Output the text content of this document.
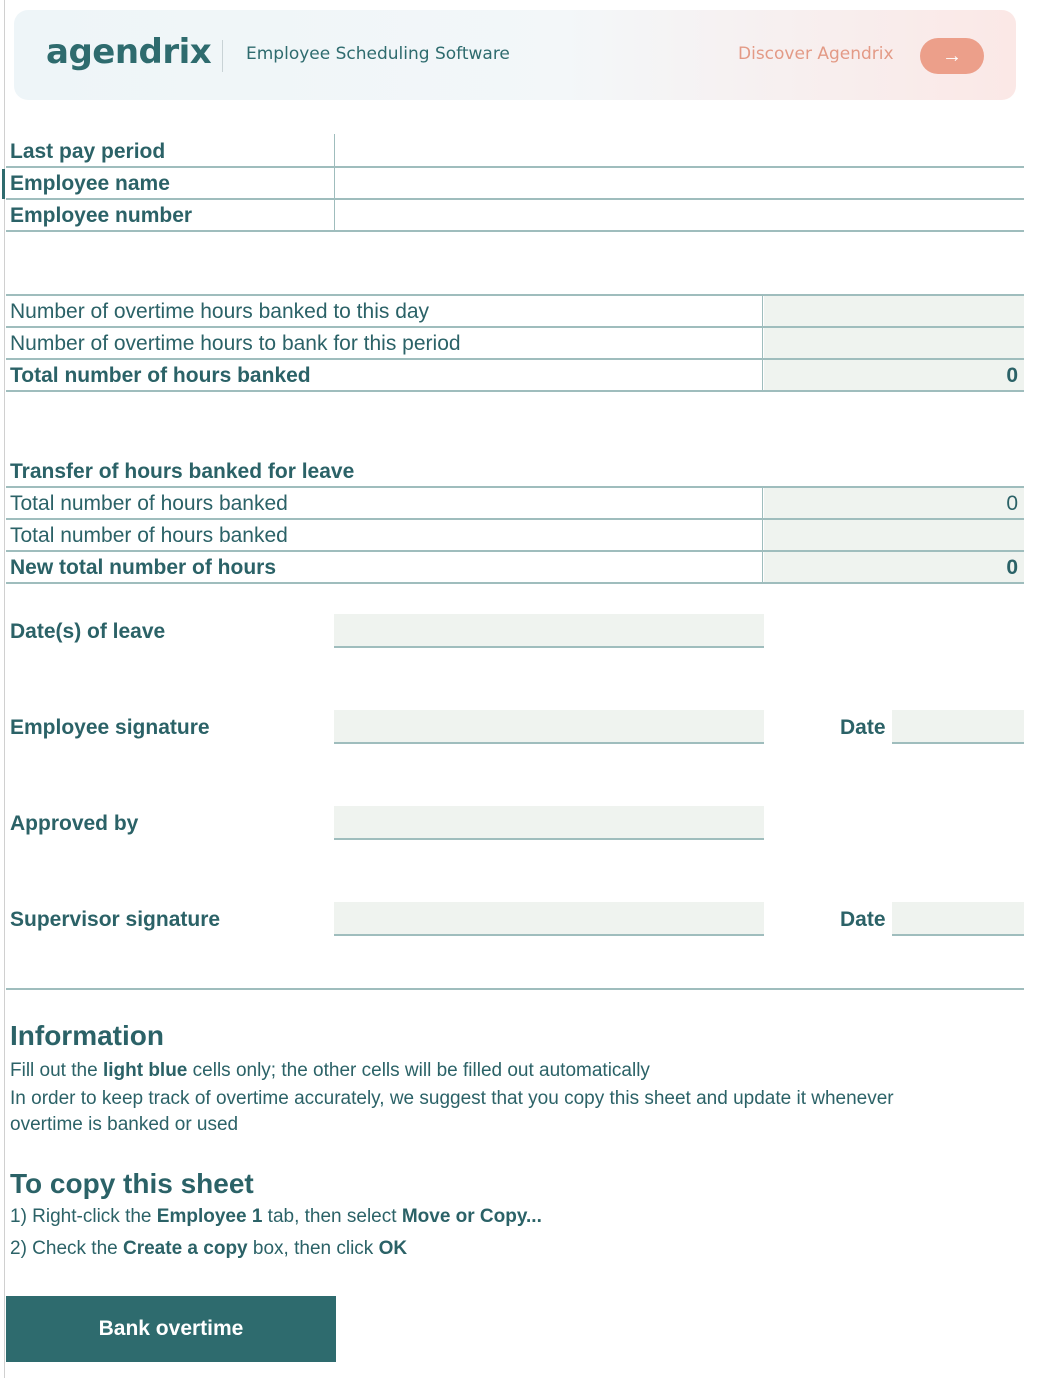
agendrix Employee Scheduling Software	Discover Agendrix	→
Last pay period
Employee name
Employee number
Number of overtime hours banked to this day
Number of overtime hours to bank for this period
Total number of hours banked	0
Transfer of hours banked for leave
Total number of hours banked	0
Total number of hours banked
New total number of hours	0
Date(s) of leave
Employee signature	Date
Approved by
Supervisor signature	Date
Information
Fill out the light blue cells only; the other cells will be filled out automatically
In order to keep track of overtime accurately, we suggest that you copy this sheet and update it whenever
overtime is banked or used
To copy this sheet
1) Right-click the Employee 1 tab, then select Move or Copy...
2) Check the Create a copy box, then click OK
Bank overtime
